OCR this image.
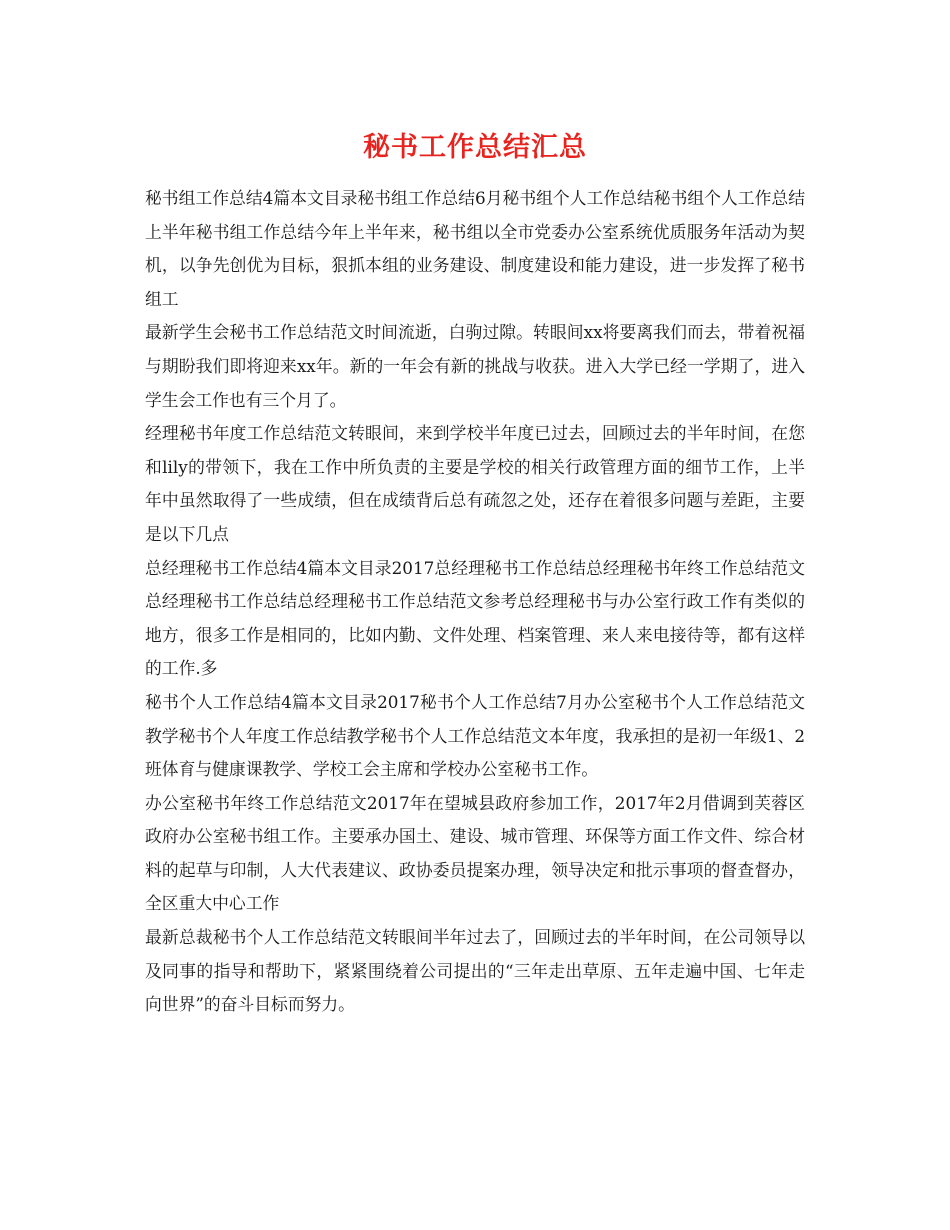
秘书工作总结汇总

秘书组工作总结4篇本文目录秘书组工作总结6月秘书组个人工作总结秘书组个人工作总结上半年秘书组工作总结今年上半年来，秘书组以全市党委办公室系统优质服务年活动为契机，以争先创优为目标，狠抓本组的业务建设、制度建设和能力建设，进一步发挥了秘书组工

最新学生会秘书工作总结范文时间流逝，白驹过隙。转眼间xx将要离我们而去，带着祝福与期盼我们即将迎来xx年。新的一年会有新的挑战与收获。进入大学已经一学期了，进入学生会工作也有三个月了。

经理秘书年度工作总结范文转眼间，来到学校半年度已过去，回顾过去的半年时间，在您和lily的带领下，我在工作中所负责的主要是学校的相关行政管理方面的细节工作，上半年中虽然取得了一些成绩，但在成绩背后总有疏忽之处，还存在着很多问题与差距，主要是以下几点

总经理秘书工作总结4篇本文目录2017总经理秘书工作总结总经理秘书年终工作总结范文总经理秘书工作总结总经理秘书工作总结范文参考总经理秘书与办公室行政工作有类似的地方，很多工作是相同的，比如内勤、文件处理、档案管理、来人来电接待等，都有这样的工作.多

秘书个人工作总结4篇本文目录2017秘书个人工作总结7月办公室秘书个人工作总结范文教学秘书个人年度工作总结教学秘书个人工作总结范文本年度，我承担的是初一年级1、2班体育与健康课教学、学校工会主席和学校办公室秘书工作。

办公室秘书年终工作总结范文2017年在望城县政府参加工作，2017年2月借调到芙蓉区政府办公室秘书组工作。主要承办国土、建设、城市管理、环保等方面工作文件、综合材料的起草与印制，人大代表建议、政协委员提案办理，领导决定和批示事项的督查督办，全区重大中心工作

最新总裁秘书个人工作总结范文转眼间半年过去了，回顾过去的半年时间，在公司领导以及同事的指导和帮助下，紧紧围绕着公司提出的“三年走出草原、五年走遍中国、七年走向世界”的奋斗目标而努力。
